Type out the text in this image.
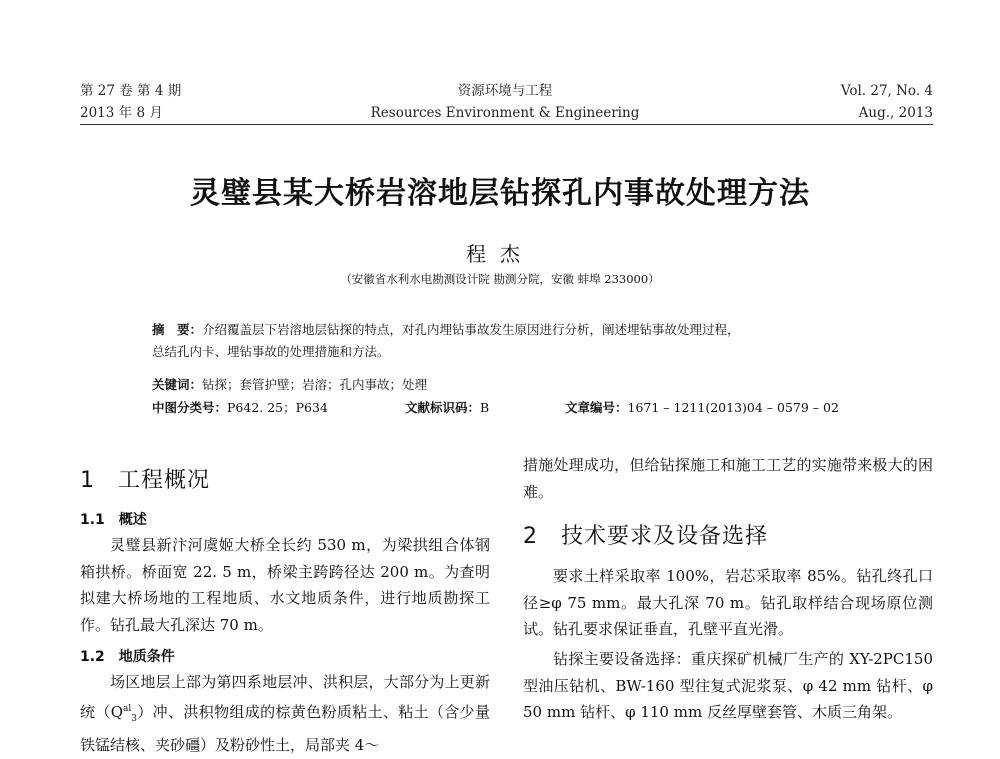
第 27 卷 第 4 期
2013 年 8 月
资源环境与工程
Resources Environment & Engineering
Vol. 27, No. 4
Aug., 2013
灵璧县某大桥岩溶地层钻探孔内事故处理方法
程杰
（安徽省水利水电勘测设计院 勘测分院，安徽 蚌埠 233000）
摘　要：介绍覆盖层下岩溶地层钻探的特点，对孔内埋钻事故发生原因进行分析，阐述埋钻事故处理过程，
总结孔内卡、埋钻事故的处理措施和方法。
关键词：钻探；套管护壁；岩溶；孔内事故；处理
中图分类号：P642. 25；P634	文献标识码：B	文章编号：1671 – 1211(2013)04 – 0579 – 02
1　工程概况
1.1　概述
灵璧县新汴河虞姬大桥全长约 530 m，为梁拱组合体钢箱拱桥。桥面宽 22. 5 m，桥梁主跨跨径达 200 m。为查明拟建大桥场地的工程地质、水文地质条件，进行地质勘探工作。钻孔最大孔深达 70 m。
1.2　地质条件
场区地层上部为第四系地层冲、洪积层，大部分为上更新统$(Q^{al}_3)$冲、洪积物组成的棕黄色粉质粘土、粘土（含少量铁锰结核、夹砂礓）及粉砂性土，局部夹 4～
措施处理成功，但给钻探施工和施工工艺的实施带来极大的困难。
2　技术要求及设备选择
要求土样采取率 100%，岩芯采取率 85%。钻孔终孔口径≥φ 75 mm。最大孔深 70 m。钻孔取样结合现场原位测试。钻孔要求保证垂直，孔壁平直光滑。
钻探主要设备选择：重庆探矿机械厂生产的 XY-2PC150 型油压钻机、BW-160 型往复式泥浆泵、φ 42 mm 钻杆、φ 50 mm 钻杆、φ 110 mm 反丝厚壁套管、木质三角架。
